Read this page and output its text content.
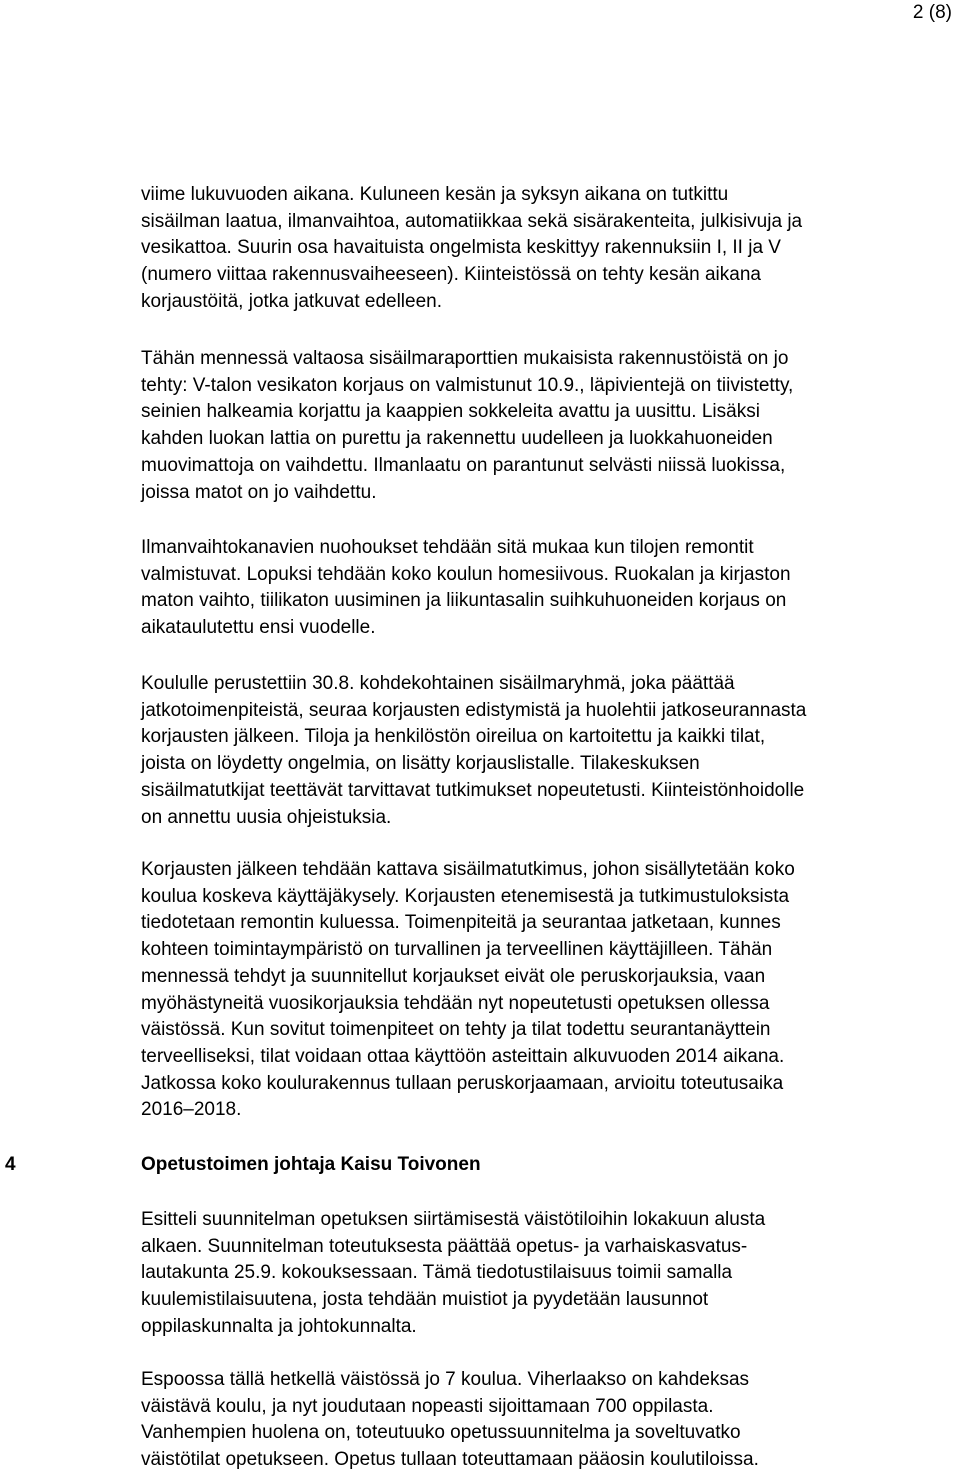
2 (8)
viime lukuvuoden aikana. Kuluneen kesän ja syksyn aikana on tutkittu
sisäilman laatua, ilmanvaihtoa, automatiikkaa sekä sisärakenteita, julkisivuja ja
vesikattoa. Suurin osa havaituista ongelmista keskittyy rakennuksiin I, II ja V
(numero viittaa rakennusvaiheeseen). Kiinteistössä on tehty kesän aikana
korjaustöitä, jotka jatkuvat edelleen.
Tähän mennessä valtaosa sisäilmaraporttien mukaisista rakennustöistä on jo
tehty: V-talon vesikaton korjaus on valmistunut 10.9., läpivientejä on tiivistetty,
seinien halkeamia korjattu ja kaappien sokkeleita avattu ja uusittu. Lisäksi
kahden luokan lattia on purettu ja rakennettu uudelleen ja luokkahuoneiden
muovimattoja on vaihdettu. Ilmanlaatu on parantunut selvästi niissä luokissa,
joissa matot on jo vaihdettu.
Ilmanvaihtokanavien nuohoukset tehdään sitä mukaa kun tilojen remontit
valmistuvat. Lopuksi tehdään koko koulun homesiivous. Ruokalan ja kirjaston
maton vaihto, tiilikaton uusiminen ja liikuntasalin suihkuhuoneiden korjaus on
aikataulutettu ensi vuodelle.
Koululle perustettiin 30.8. kohdekohtainen sisäilmaryhmä, joka päättää
jatkotoimenpiteistä, seuraa korjausten edistymistä ja huolehtii jatkoseurannasta
korjausten jälkeen. Tiloja ja henkilöstön oireilua on kartoitettu ja kaikki tilat,
joista on löydetty ongelmia, on lisätty korjauslistalle. Tilakeskuksen
sisäilmatutkijat teettävät tarvittavat tutkimukset nopeutetusti. Kiinteistönhoidolle
on annettu uusia ohjeistuksia.
Korjausten jälkeen tehdään kattava sisäilmatutkimus, johon sisällytetään koko
koulua koskeva käyttäjäkysely. Korjausten etenemisestä ja tutkimustuloksista
tiedotetaan remontin kuluessa. Toimenpiteitä ja seurantaa jatketaan, kunnes
kohteen toimintaympäristö on turvallinen ja terveellinen käyttäjilleen. Tähän
mennessä tehdyt ja suunnitellut korjaukset eivät ole peruskorjauksia, vaan
myöhästyneitä vuosikorjauksia tehdään nyt nopeutetusti opetuksen ollessa
väistössä. Kun sovitut toimenpiteet on tehty ja tilat todettu seurantanäyttein
terveelliseksi, tilat voidaan ottaa käyttöön asteittain alkuvuoden 2014 aikana.
Jatkossa koko koulurakennus tullaan peruskorjaamaan, arvioitu toteutusaika
2016–2018.
4	Opetustoimen johtaja Kaisu Toivonen
Esitteli suunnitelman opetuksen siirtämisestä väistötiloihin lokakuun alusta
alkaen. Suunnitelman toteutuksesta päättää opetus- ja varhaiskasvatus-
lautakunta 25.9. kokouksessaan. Tämä tiedotustilaisuus toimii samalla
kuulemistilaisuutena, josta tehdään muistiot ja pyydetään lausunnot
oppilaskunnalta ja johtokunnalta.
Espoossa tällä hetkellä väistössä jo 7 koulua. Viherlaakso on kahdeksas
väistävä koulu, ja nyt joudutaan nopeasti sijoittamaan 700 oppilasta.
Vanhempien huolena on, toteutuuko opetussuunnitelma ja soveltuvatko
väistötilat opetukseen. Opetus tullaan toteuttamaan pääosin koulutiloissa.
